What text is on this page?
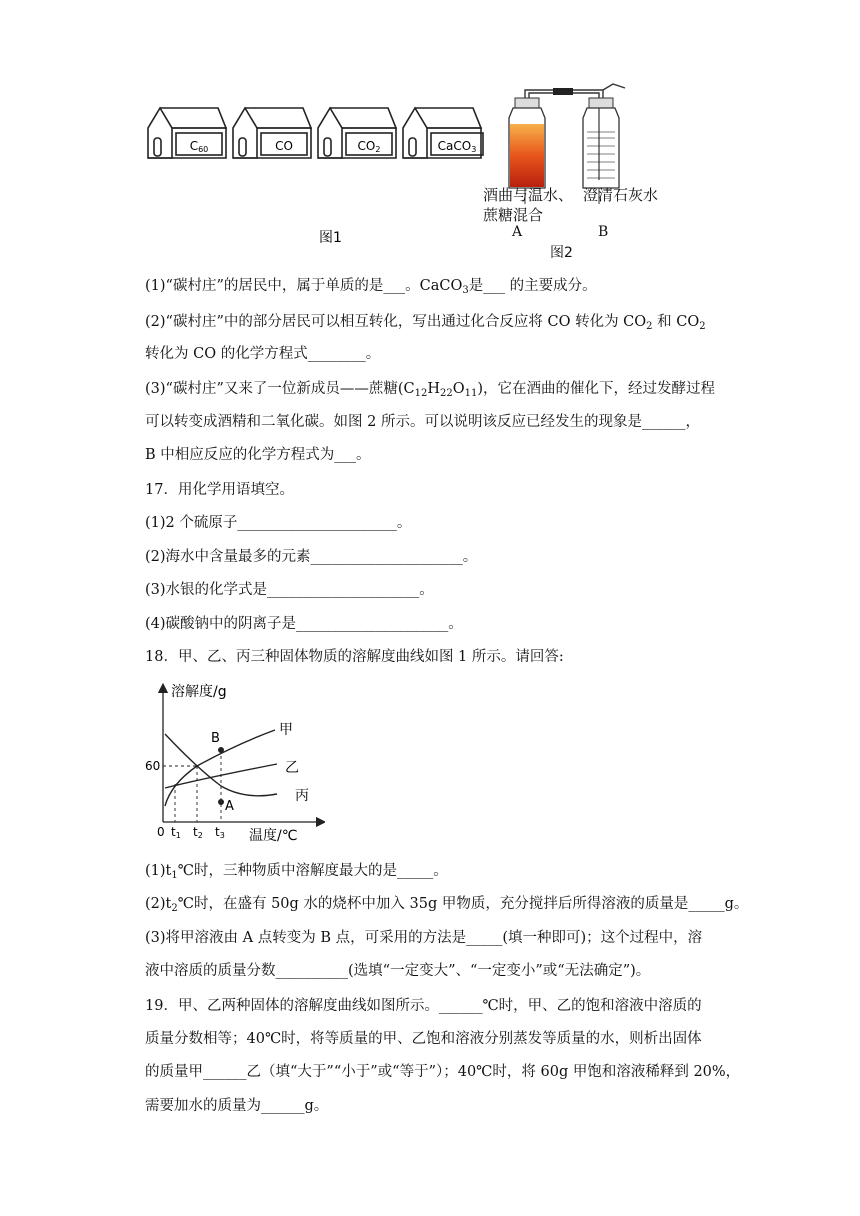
C60	CO	CO2	CaCO3
图1
酒曲与温水、 澄清石灰水
蔗糖混合
A	B
图2
(1)“碳村庄”的居民中，属于单质的是___。CaCO$_3$是___ 的主要成分。
(2)“碳村庄”中的部分居民可以相互转化，写出通过化合反应将 CO 转化为 $CO_2$ 和 $CO_2$
转化为 CO 的化学方程式________。
(3)“碳村庄”又来了一位新成员——蔗糖$(C_{12}H_{22}O_{11})$，它在酒曲的催化下，经过发酵过程
可以转变成酒精和二氧化碳。如图 2 所示。可以说明该反应已经发生的现象是______，
B 中相应反应的化学方程式为___。
17．用化学用语填空。
(1)2 个硫原子______________________。
(2)海水中含量最多的元素_____________________。
(3)水银的化学式是_____________________。
(4)碳酸钠中的阴离子是_____________________。
18．甲、乙、丙三种固体物质的溶解度曲线如图 1 所示。请回答:
溶解度/g
温度/℃
0
60
t1 t2 t3
B
A
甲
乙
丙
$(1)t_1℃$时，三种物质中溶解度最大的是_____。
$(2)t_2℃$时，在盛有 50g 水的烧杯中加入 35g 甲物质，充分搅拌后所得溶液的质量是_____g。
(3)将甲溶液由 A 点转变为 B 点，可采用的方法是_____(填一种即可)；这个过程中，溶
液中溶质的质量分数__________(选填“一定变大”、“一定变小”或“无法确定”)。
19．甲、乙两种固体的溶解度曲线如图所示。______℃时，甲、乙的饱和溶液中溶质的
质量分数相等；40℃时，将等质量的甲、乙饱和溶液分别蒸发等质量的水，则析出固体
的质量甲______乙（填“大于”“小于”或“等于”）；40℃时，将 60g 甲饱和溶液稀释到 20%，
需要加水的质量为______g。
